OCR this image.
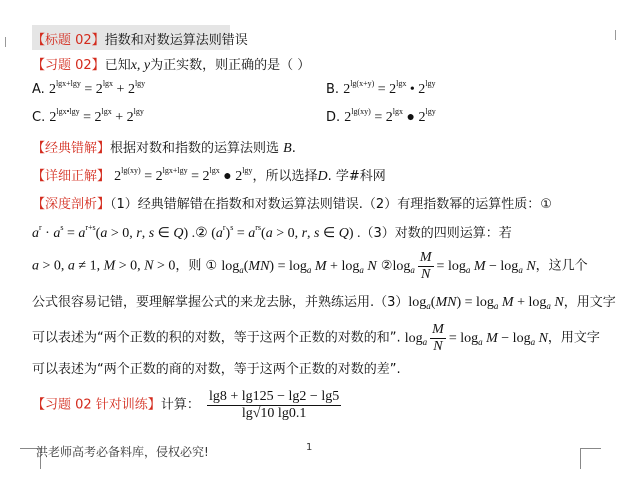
【标题 02】指数和对数运算法则错误
【习题 02】已知x, y为正实数，则正确的是（ ）
A. $2^{lgx+lgy} = 2^{lgx} + 2^{lgy}$	B. $2^{lg(x+y)} = 2^{lgx}$ • $2^{lgy}$
C. $2^{lgx•lgy} = 2^{lgx} + 2^{lgy}$	D. $2^{lg(xy)} = 2^{lgx}$ ● $2^{lgy}$
【经典错解】根据对数和指数的运算法则选 B.
【详细正解】 $2^{lg(xy)} = 2^{lgx+lgy} = 2^{lgx}$ ● $2^{lgy}$，所以选择D. 学#科网
【深度剖析】（1）经典错解错在指数和对数运算法则错误.（2）有理指数幂的运算性质：①
$a^r \cdot a^s = a^{r+s}(a > 0$, r, s ∈ Q) .② $(a^r)^s = a^{rs}(a > 0$, r, s ∈ Q) .（3）对数的四则运算：若
a > 0, a ≠ 1, M > 0, N > 0，则 ① $\log_a(MN) = \log_a M + \log_a N$ $②\log_a \frac{M}{N} = \log_a M - \log_a N$，这几个
公式很容易记错，要理解掌握公式的来龙去脉，并熟练运用$.(3)\log_a(MN) = \log_a M + \log_a N$，用文字
可以表述为“两个正数的积的对数，等于这两个正数的对数的和”. $\log_a \frac{M}{N} = \log_a M - \log_a N$，用文字
可以表述为“两个正数的商的对数，等于这两个正数的对数的差”.
【习题 02 针对训练】计算： $\frac{\lg 8 + \lg 125 - \lg 2 - \lg 5}{\lg√10 \lg 0.1}$
洪老师高考必备料库，侵权必究!	1
